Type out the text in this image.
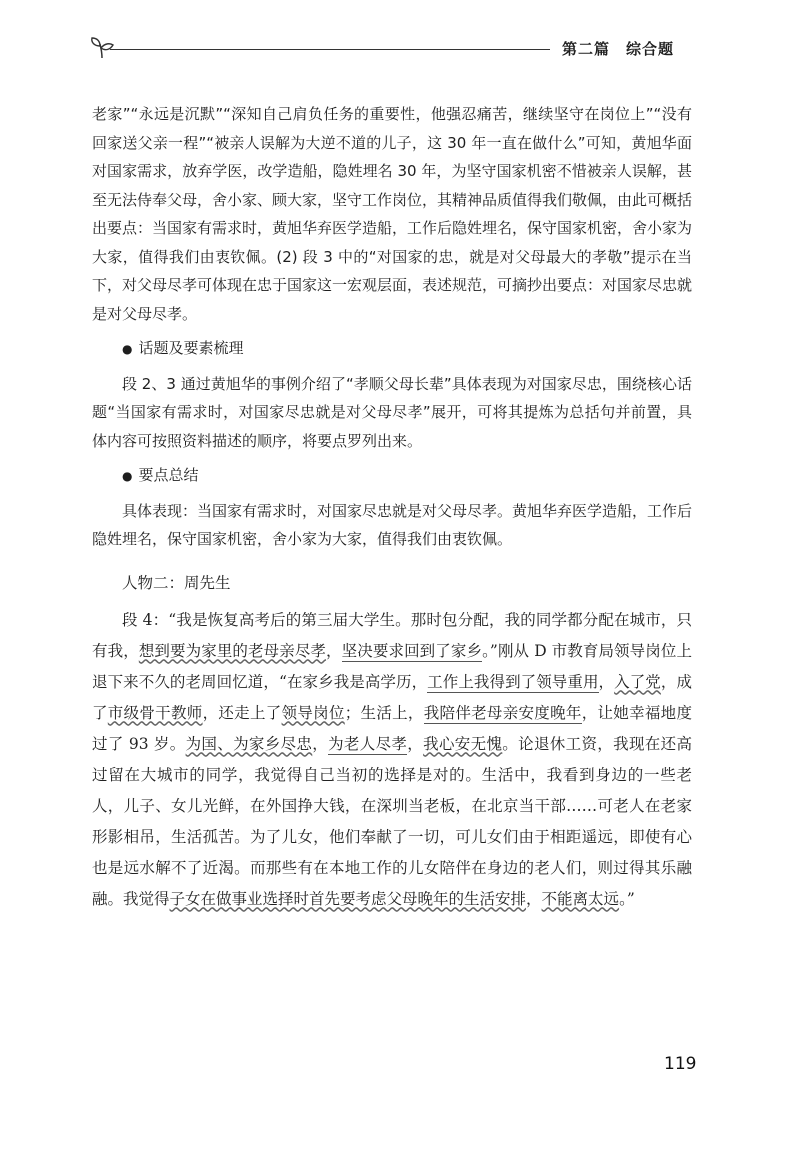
第二篇　综合题

老家”“永远是沉默”“深知自己肩负任务的重要性，他强忍痛苦，继续坚守在岗位上”“没有回家送父亲一程”“被亲人误解为大逆不道的儿子，这 30 年一直在做什么”可知，黄旭华面对国家需求，放弃学医，改学造船，隐姓埋名 30 年，为坚守国家机密不惜被亲人误解，甚至无法侍奉父母，舍小家、顾大家，坚守工作岗位，其精神品质值得我们敬佩，由此可概括出要点：当国家有需求时，黄旭华弃医学造船，工作后隐姓埋名，保守国家机密，舍小家为大家，值得我们由衷钦佩。(2) 段 3 中的“对国家的忠，就是对父母最大的孝敬”提示在当下，对父母尽孝可体现在忠于国家这一宏观层面，表述规范，可摘抄出要点：对国家尽忠就是对父母尽孝。

● 话题及要素梳理

段 2、3 通过黄旭华的事例介绍了“孝顺父母长辈”具体表现为对国家尽忠，围绕核心话题“当国家有需求时，对国家尽忠就是对父母尽孝”展开，可将其提炼为总括句并前置，具体内容可按照资料描述的顺序，将要点罗列出来。

● 要点总结

具体表现：当国家有需求时，对国家尽忠就是对父母尽孝。黄旭华弃医学造船，工作后隐姓埋名，保守国家机密，舍小家为大家，值得我们由衷钦佩。

人物二：周先生

段 4：“我是恢复高考后的第三届大学生。那时包分配，我的同学都分配在城市，只有我，想到要为家里的老母亲尽孝，坚决要求回到了家乡。”刚从 D 市教育局领导岗位上退下来不久的老周回忆道，“在家乡我是高学历，工作上我得到了领导重用，入了党，成了市级骨干教师，还走上了领导岗位；生活上，我陪伴老母亲安度晚年，让她幸福地度过了 93 岁。为国、为家乡尽忠，为老人尽孝，我心安无愧。论退休工资，我现在还高过留在大城市的同学，我觉得自己当初的选择是对的。生活中，我看到身边的一些老人，儿子、女儿光鲜，在外国挣大钱，在深圳当老板，在北京当干部……可老人在老家形影相吊，生活孤苦。为了儿女，他们奉献了一切，可儿女们由于相距遥远，即使有心也是远水解不了近渴。而那些有在本地工作的儿女陪伴在身边的老人们，则过得其乐融融。我觉得子女在做事业选择时首先要考虑父母晚年的生活安排，不能离太远。”

119
